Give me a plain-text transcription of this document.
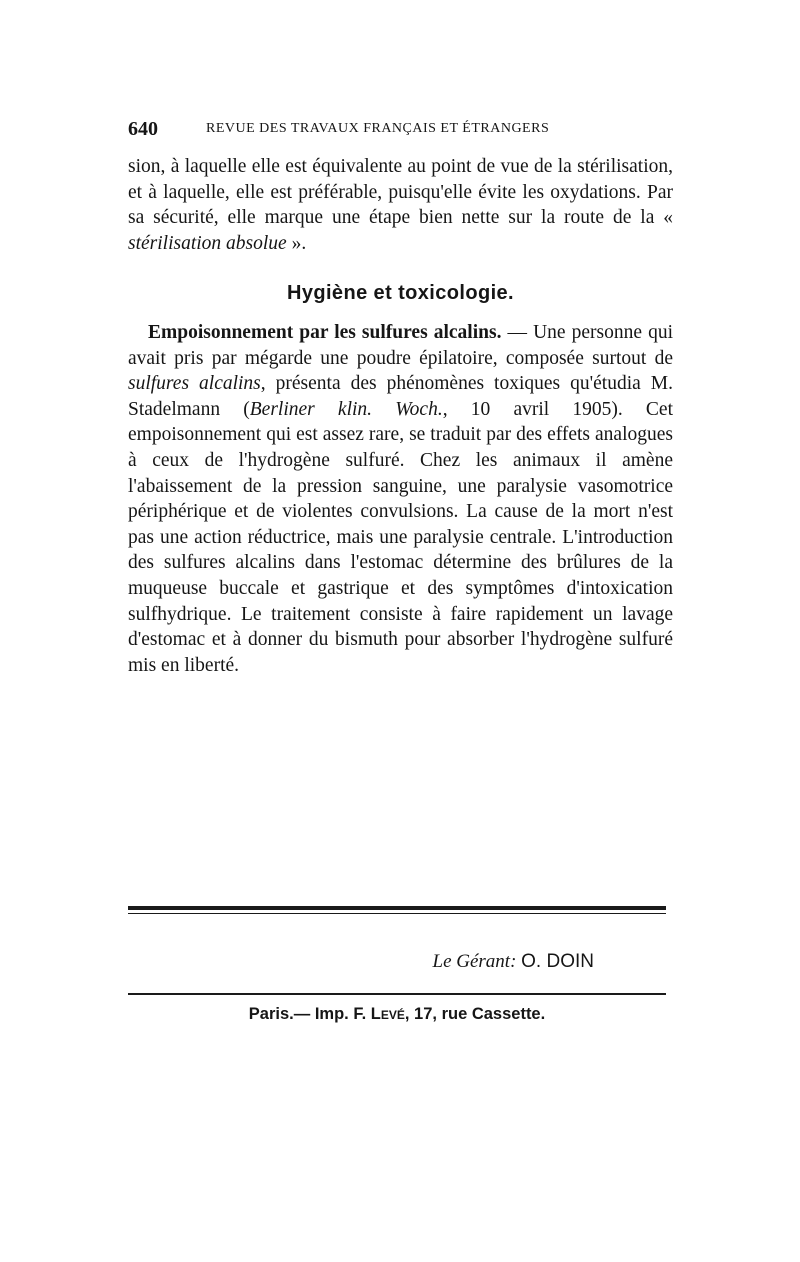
640	REVUE DES TRAVAUX FRANÇAIS ET ÉTRANGERS

sion, à laquelle elle est équivalente au point de vue de la stérilisation, et à laquelle, elle est préférable, puisqu'elle évite les oxydations. Par sa sécurité, elle marque une étape bien nette sur la route de la « stérilisation absolue ».

Hygiène et toxicologie.

Empoisonnement par les sulfures alcalins. — Une personne qui avait pris par mégarde une poudre épilatoire, composée surtout de sulfures alcalins, présenta des phénomènes toxiques qu'étudia M. Stadelmann (Berliner klin. Woch., 10 avril 1905). Cet empoisonnement qui est assez rare, se traduit par des effets analogues à ceux de l'hydrogène sulfuré. Chez les animaux il amène l'abaissement de la pression sanguine, une paralysie vasomotrice périphérique et de violentes convulsions. La cause de la mort n'est pas une action réductrice, mais une paralysie centrale. L'introduction des sulfures alcalins dans l'estomac détermine des brûlures de la muqueuse buccale et gastrique et des symptômes d'intoxication sulfhydrique. Le traitement consiste à faire rapidement un lavage d'estomac et à donner du bismuth pour absorber l'hydrogène sulfuré mis en liberté.

Le Gérant: O. DOIN
Paris.— Imp. F. Levé, 17, rue Cassette.
